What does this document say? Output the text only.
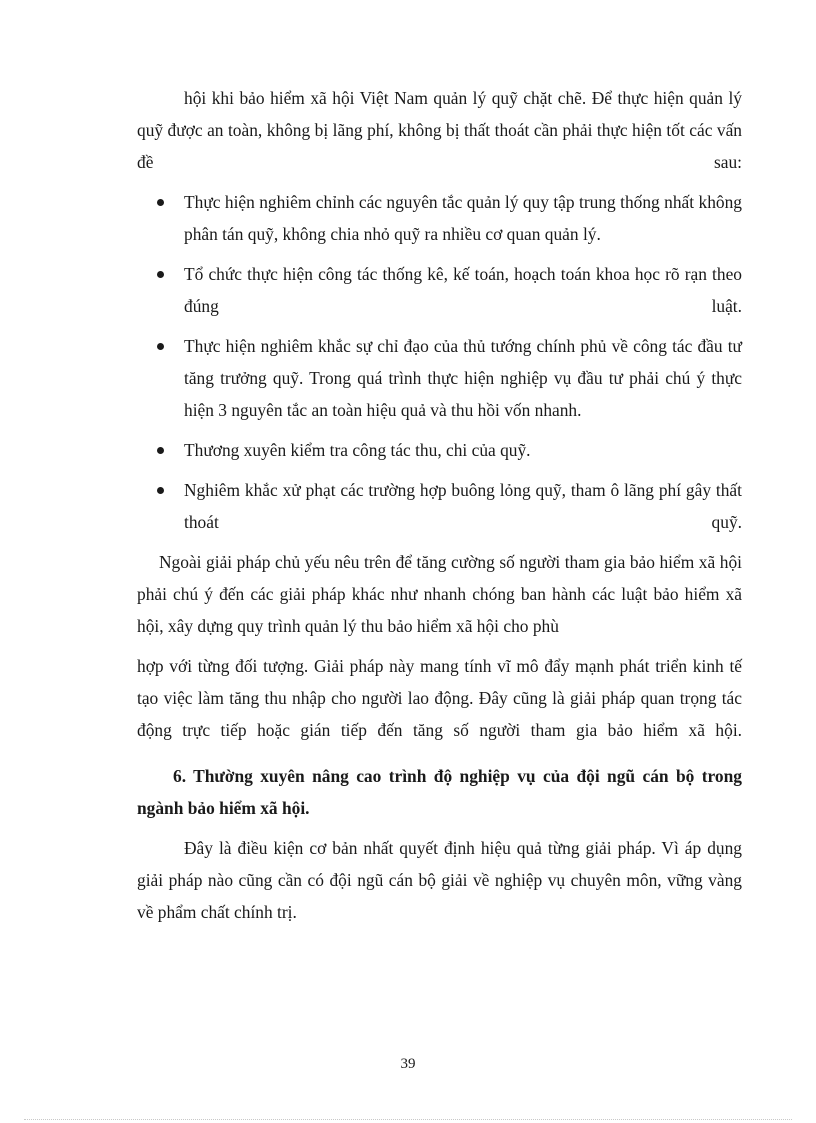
hội khi bảo hiểm xã hội Việt Nam quản lý quỹ chặt chẽ. Để thực hiện quản lý quỹ được an toàn, không bị lãng phí, không bị thất thoát cần phải thực hiện tốt các vấn đề sau:

Thực hiện nghiêm chỉnh các nguyên tắc quản lý quy tập trung thống nhất không phân tán quỹ, không chia nhỏ quỹ ra nhiều cơ quan quản lý.
Tổ chức thực hiện công tác thống kê, kế toán, hoạch toán khoa học rõ rạn theo đúng luật.
Thực hiện nghiêm khắc sự chỉ đạo của thủ tướng chính phủ về công tác đầu tư tăng trưởng quỹ. Trong quá trình thực hiện nghiệp vụ đầu tư phải chú ý thực hiện 3 nguyên tắc an toàn hiệu quả và thu hồi vốn nhanh.
Thương xuyên kiểm tra công tác thu, chi của quỹ.
Nghiêm khắc xử phạt các trường hợp buông lỏng quỹ, tham ô lãng phí gây thất thoát quỹ.

Ngoài giải pháp chủ yếu nêu trên để tăng cường số người tham gia bảo hiểm xã hội phải chú ý đến các giải pháp khác như nhanh chóng ban hành các luật bảo hiểm xã hội, xây dựng quy trình quản lý thu bảo hiểm xã hội cho phù

hợp với từng đối tượng. Giải pháp này mang tính vĩ mô đẩy mạnh phát triển kinh tế tạo việc làm tăng thu nhập cho người lao động. Đây cũng là giải pháp quan trọng tác động trực tiếp hoặc gián tiếp đến tăng số người tham gia bảo hiểm xã hội.

6. Thường xuyên nâng cao trình độ nghiệp vụ của đội ngũ cán bộ trong ngành bảo hiểm xã hội.

Đây là điều kiện cơ bản nhất quyết định hiệu quả từng giải pháp. Vì áp dụng giải pháp nào cũng cần có đội ngũ cán bộ giải về nghiệp vụ chuyên môn, vững vàng về phẩm chất chính trị.

39
